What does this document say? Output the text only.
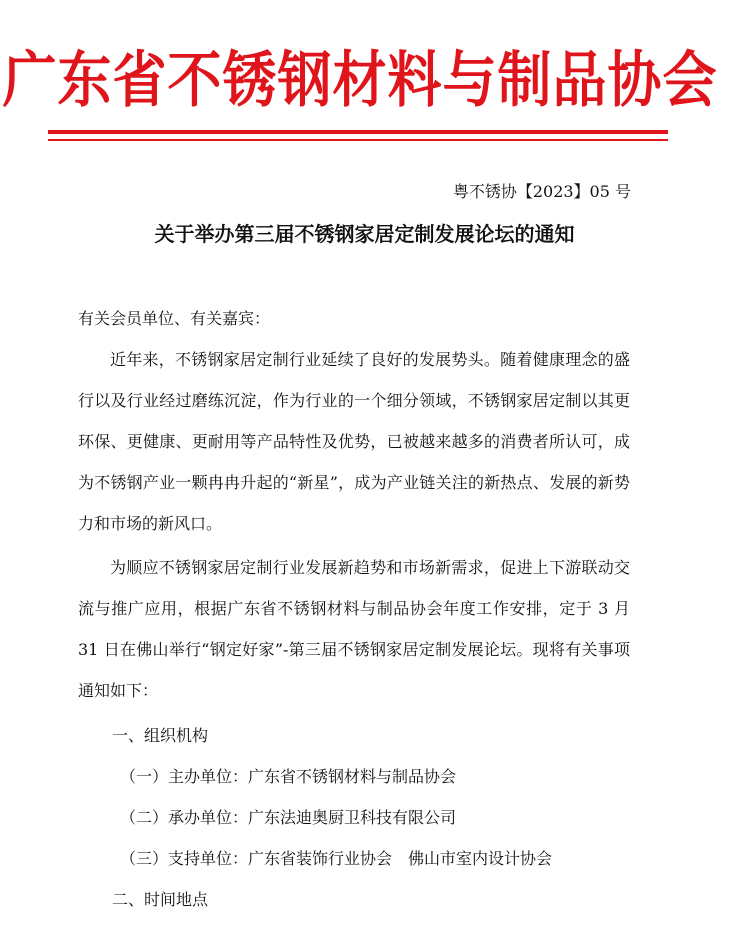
广东省不锈钢材料与制品协会
粤不锈协【2023】05 号
关于举办第三届不锈钢家居定制发展论坛的通知
有关会员单位、有关嘉宾：

近年来，不锈钢家居定制行业延续了良好的发展势头。随着健康理念的盛行以及行业经过磨练沉淀，作为行业的一个细分领域，不锈钢家居定制以其更环保、更健康、更耐用等产品特性及优势，已被越来越多的消费者所认可，成为不锈钢产业一颗冉冉升起的“新星”，成为产业链关注的新热点、发展的新势力和市场的新风口。

为顺应不锈钢家居定制行业发展新趋势和市场新需求，促进上下游联动交流与推广应用，根据广东省不锈钢材料与制品协会年度工作安排，定于 3 月 31 日在佛山举行“钢定好家”-第三届不锈钢家居定制发展论坛。现将有关事项通知如下：

一、组织机构
（一）主办单位：广东省不锈钢材料与制品协会
（二）承办单位：广东法迪奥厨卫科技有限公司
（三）支持单位：广东省装饰行业协会　佛山市室内设计协会
二、时间地点
